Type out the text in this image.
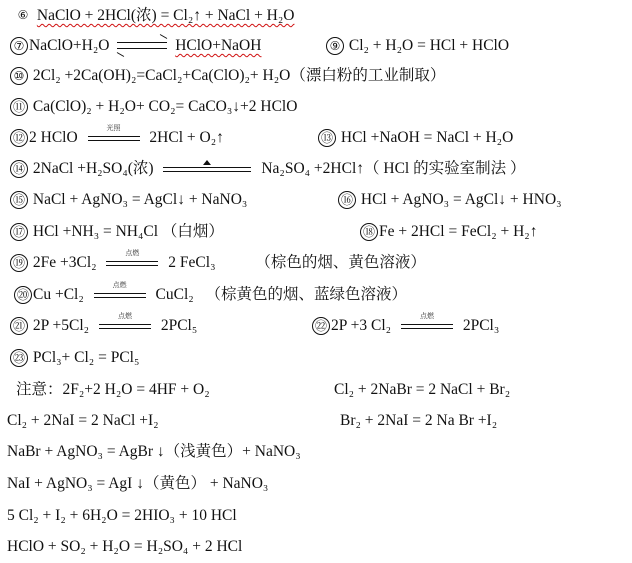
⑥ NaClO + 2HCl(浓) = Cl₂↑ + NaCl + H₂O
⑦ NaClO+H₂O ⇌ HClO+NaOH	⑨ Cl₂ + H₂O = HCl + HClO
⑩ 2Cl₂ +2Ca(OH)₂=CaCl₂+Ca(ClO)₂+ H₂O（漂白粉的工业制取）
⑪ Ca(ClO)₂ + H₂O+ CO₂= CaCO₃↓+2 HClO
⑫ 2 HClO
光照
2HCl + O₂↑	⑬ HCl +NaOH = NaCl + H₂O
⑭ 2NaCl +H₂SO₄(浓)	Na₂SO₄ +2HCl↑（ HCl 的实验室制法 ）
⑮ NaCl + AgNO₃ = AgCl↓ + NaNO₃	⑯ HCl + AgNO₃ = AgCl↓ + HNO₃
⑰ HCl +NH₃ = NH₄Cl （白烟）	⑱ Fe + 2HCl = FeCl₂ + H₂↑
⑲ 2Fe +3Cl₂
点燃
2 FeCl₃	（棕色的烟、黄色溶液）
⑳ Cu +Cl₂
点燃
CuCl₂ （棕黄色的烟、蓝绿色溶液）
㉑ 2P +5Cl₂
点燃
2PCl₅	㉒ 2P +3 Cl₂
点燃
2PCl₃
㉓ PCl₃+ Cl₂ = PCl₅
注意：2F₂+2 H₂O = 4HF + O₂	Cl₂ + 2NaBr = 2 NaCl + Br₂
Cl₂ + 2NaI = 2 NaCl +I₂	Br₂ + 2NaI = 2 Na Br +I₂
NaBr + AgNO₃ = AgBr ↓（浅黄色）+ NaNO₃
NaI + AgNO₃ = AgI ↓（黄色） + NaNO₃
5 Cl₂ + I₂ + 6H₂O = 2HIO₃ + 10 HCl
HClO + SO₂ + H₂O = H₂SO₄ + 2 HCl
